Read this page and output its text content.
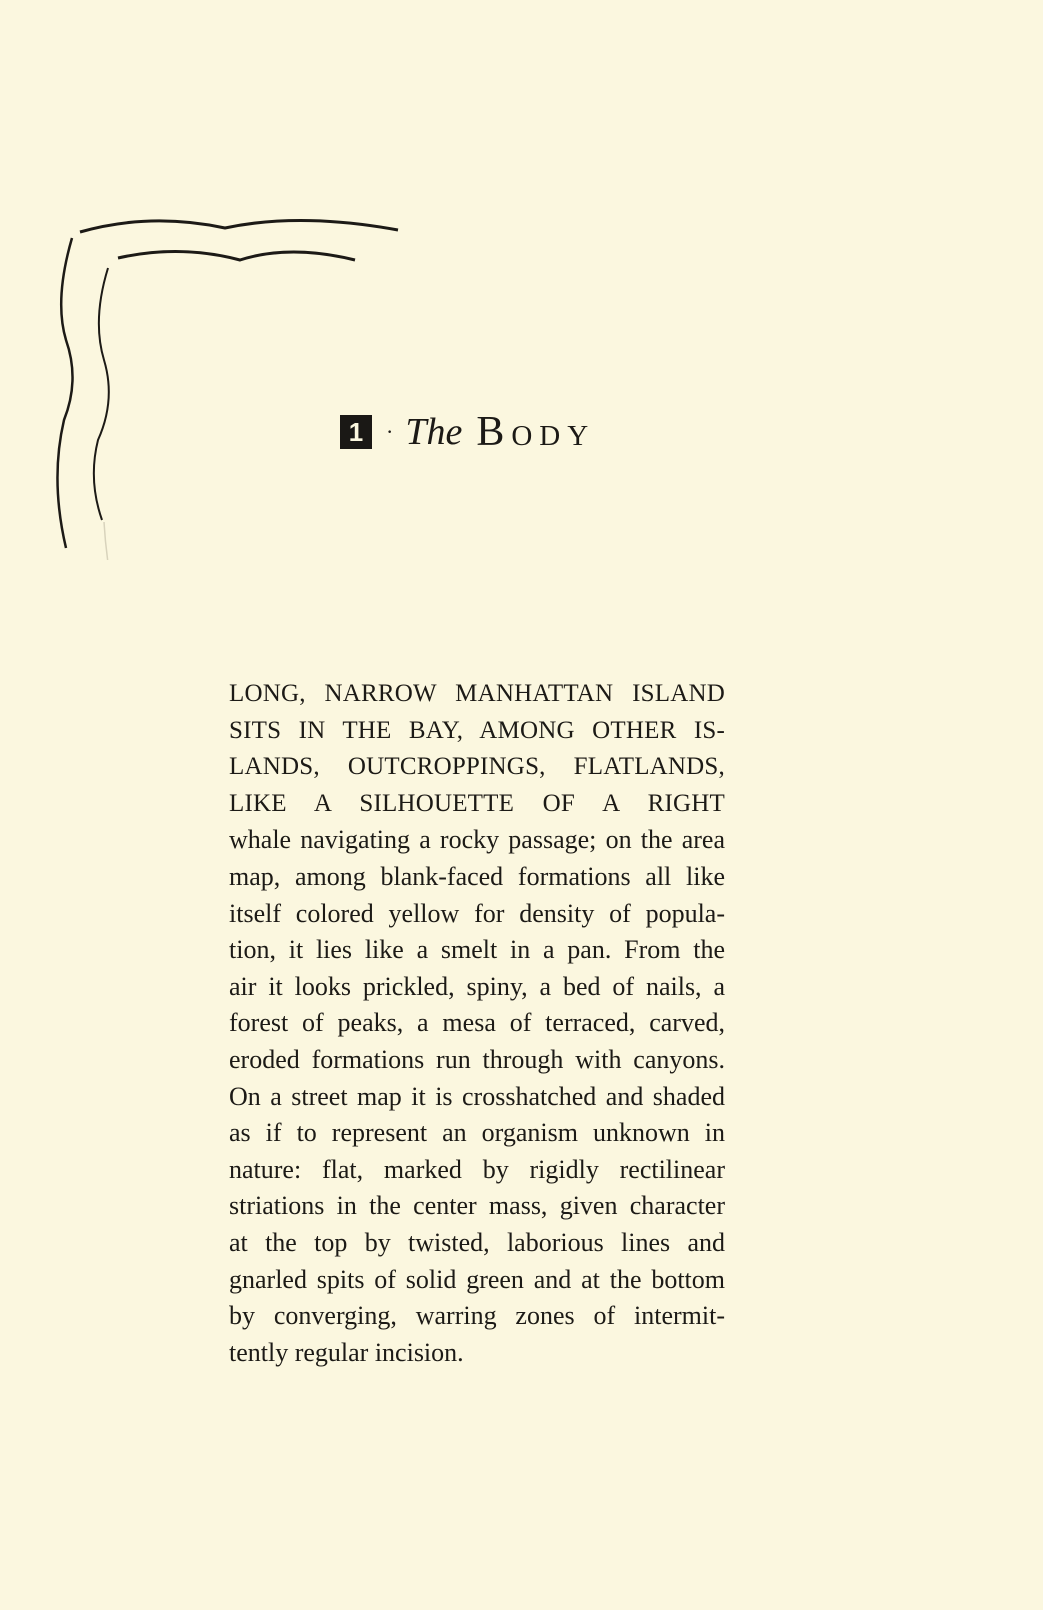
1	· The Body
LONG, NARROW MANHATTAN ISLAND
SITS IN THE BAY, AMONG OTHER IS-
LANDS, OUTCROPPINGS, FLATLANDS,
LIKE A SILHOUETTE OF A RIGHT
whale navigating a rocky passage; on the area
map, among blank-faced formations all like
itself colored yellow for density of popula-
tion, it lies like a smelt in a pan. From the
air it looks prickled, spiny, a bed of nails, a
forest of peaks, a mesa of terraced, carved,
eroded formations run through with canyons.
On a street map it is crosshatched and shaded
as if to represent an organism unknown in
nature: flat, marked by rigidly rectilinear
striations in the center mass, given character
at the top by twisted, laborious lines and
gnarled spits of solid green and at the bottom
by converging, warring zones of intermit-
tently regular incision.
